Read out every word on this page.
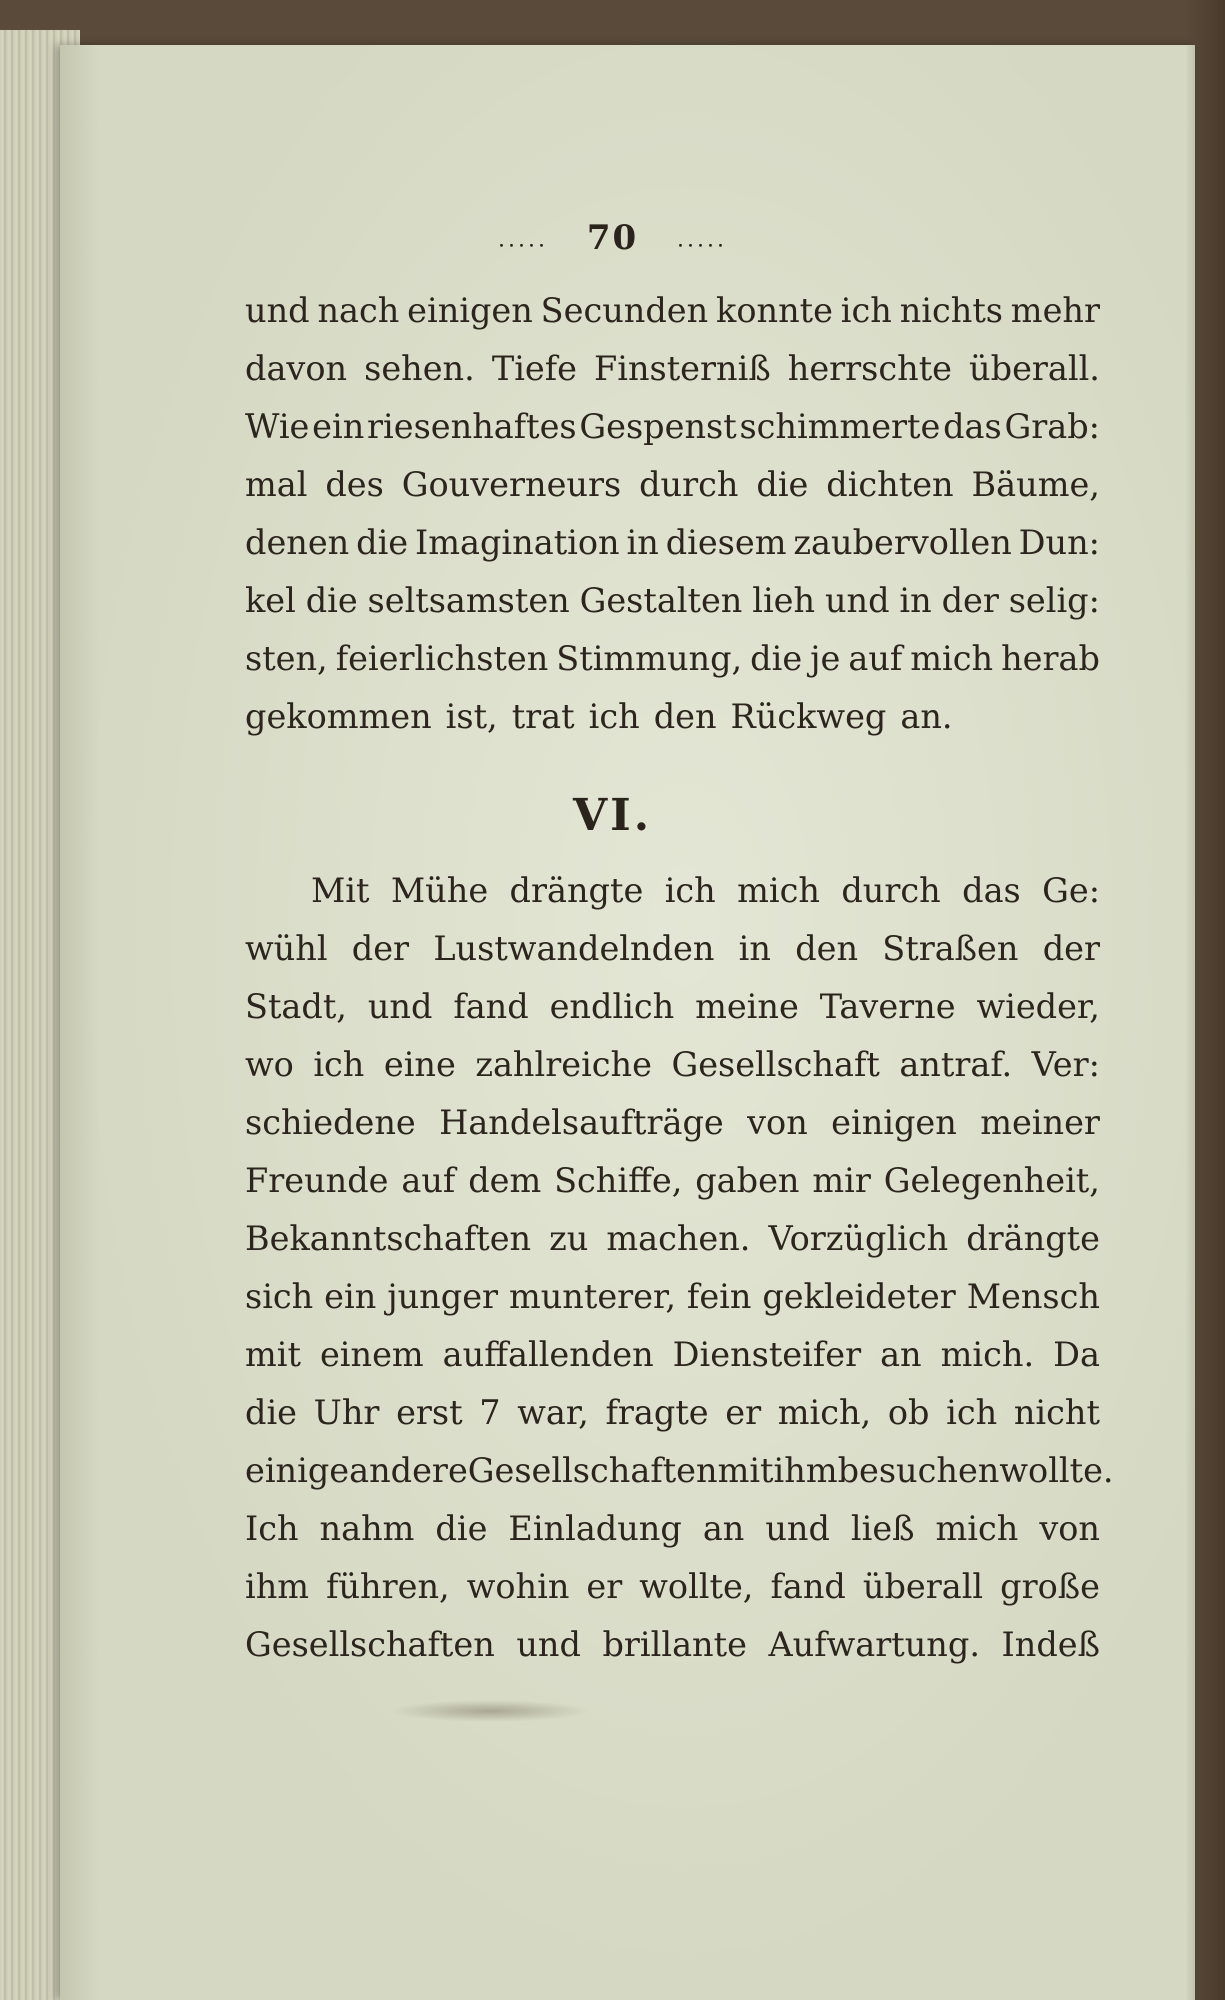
..... 70 .....
und nach einigen Secunden konnte ich nichts mehr
davon sehen. Tiefe Finsterniß herrschte überall.
Wie ein riesenhaftes Gespenst schimmerte das Grab:
mal des Gouverneurs durch die dichten Bäume,
denen die Imagination in diesem zaubervollen Dun:
kel die seltsamsten Gestalten lieh und in der selig:
sten, feierlichsten Stimmung, die je auf mich herab
gekommen ist, trat ich den Rückweg an.
VI.
Mit Mühe drängte ich mich durch das Ge:
wühl der Lustwandelnden in den Straßen der
Stadt, und fand endlich meine Taverne wieder,
wo ich eine zahlreiche Gesellschaft antraf. Ver:
schiedene Handelsaufträge von einigen meiner
Freunde auf dem Schiffe, gaben mir Gelegenheit,
Bekanntschaften zu machen. Vorzüglich drängte
sich ein junger munterer, fein gekleideter Mensch
mit einem auffallenden Diensteifer an mich. Da
die Uhr erst 7 war, fragte er mich, ob ich nicht
einige andere Gesellschaften mit ihm besuchen wollte.
Ich nahm die Einladung an und ließ mich von
ihm führen, wohin er wollte, fand überall große
Gesellschaften und brillante Aufwartung. Indeß
